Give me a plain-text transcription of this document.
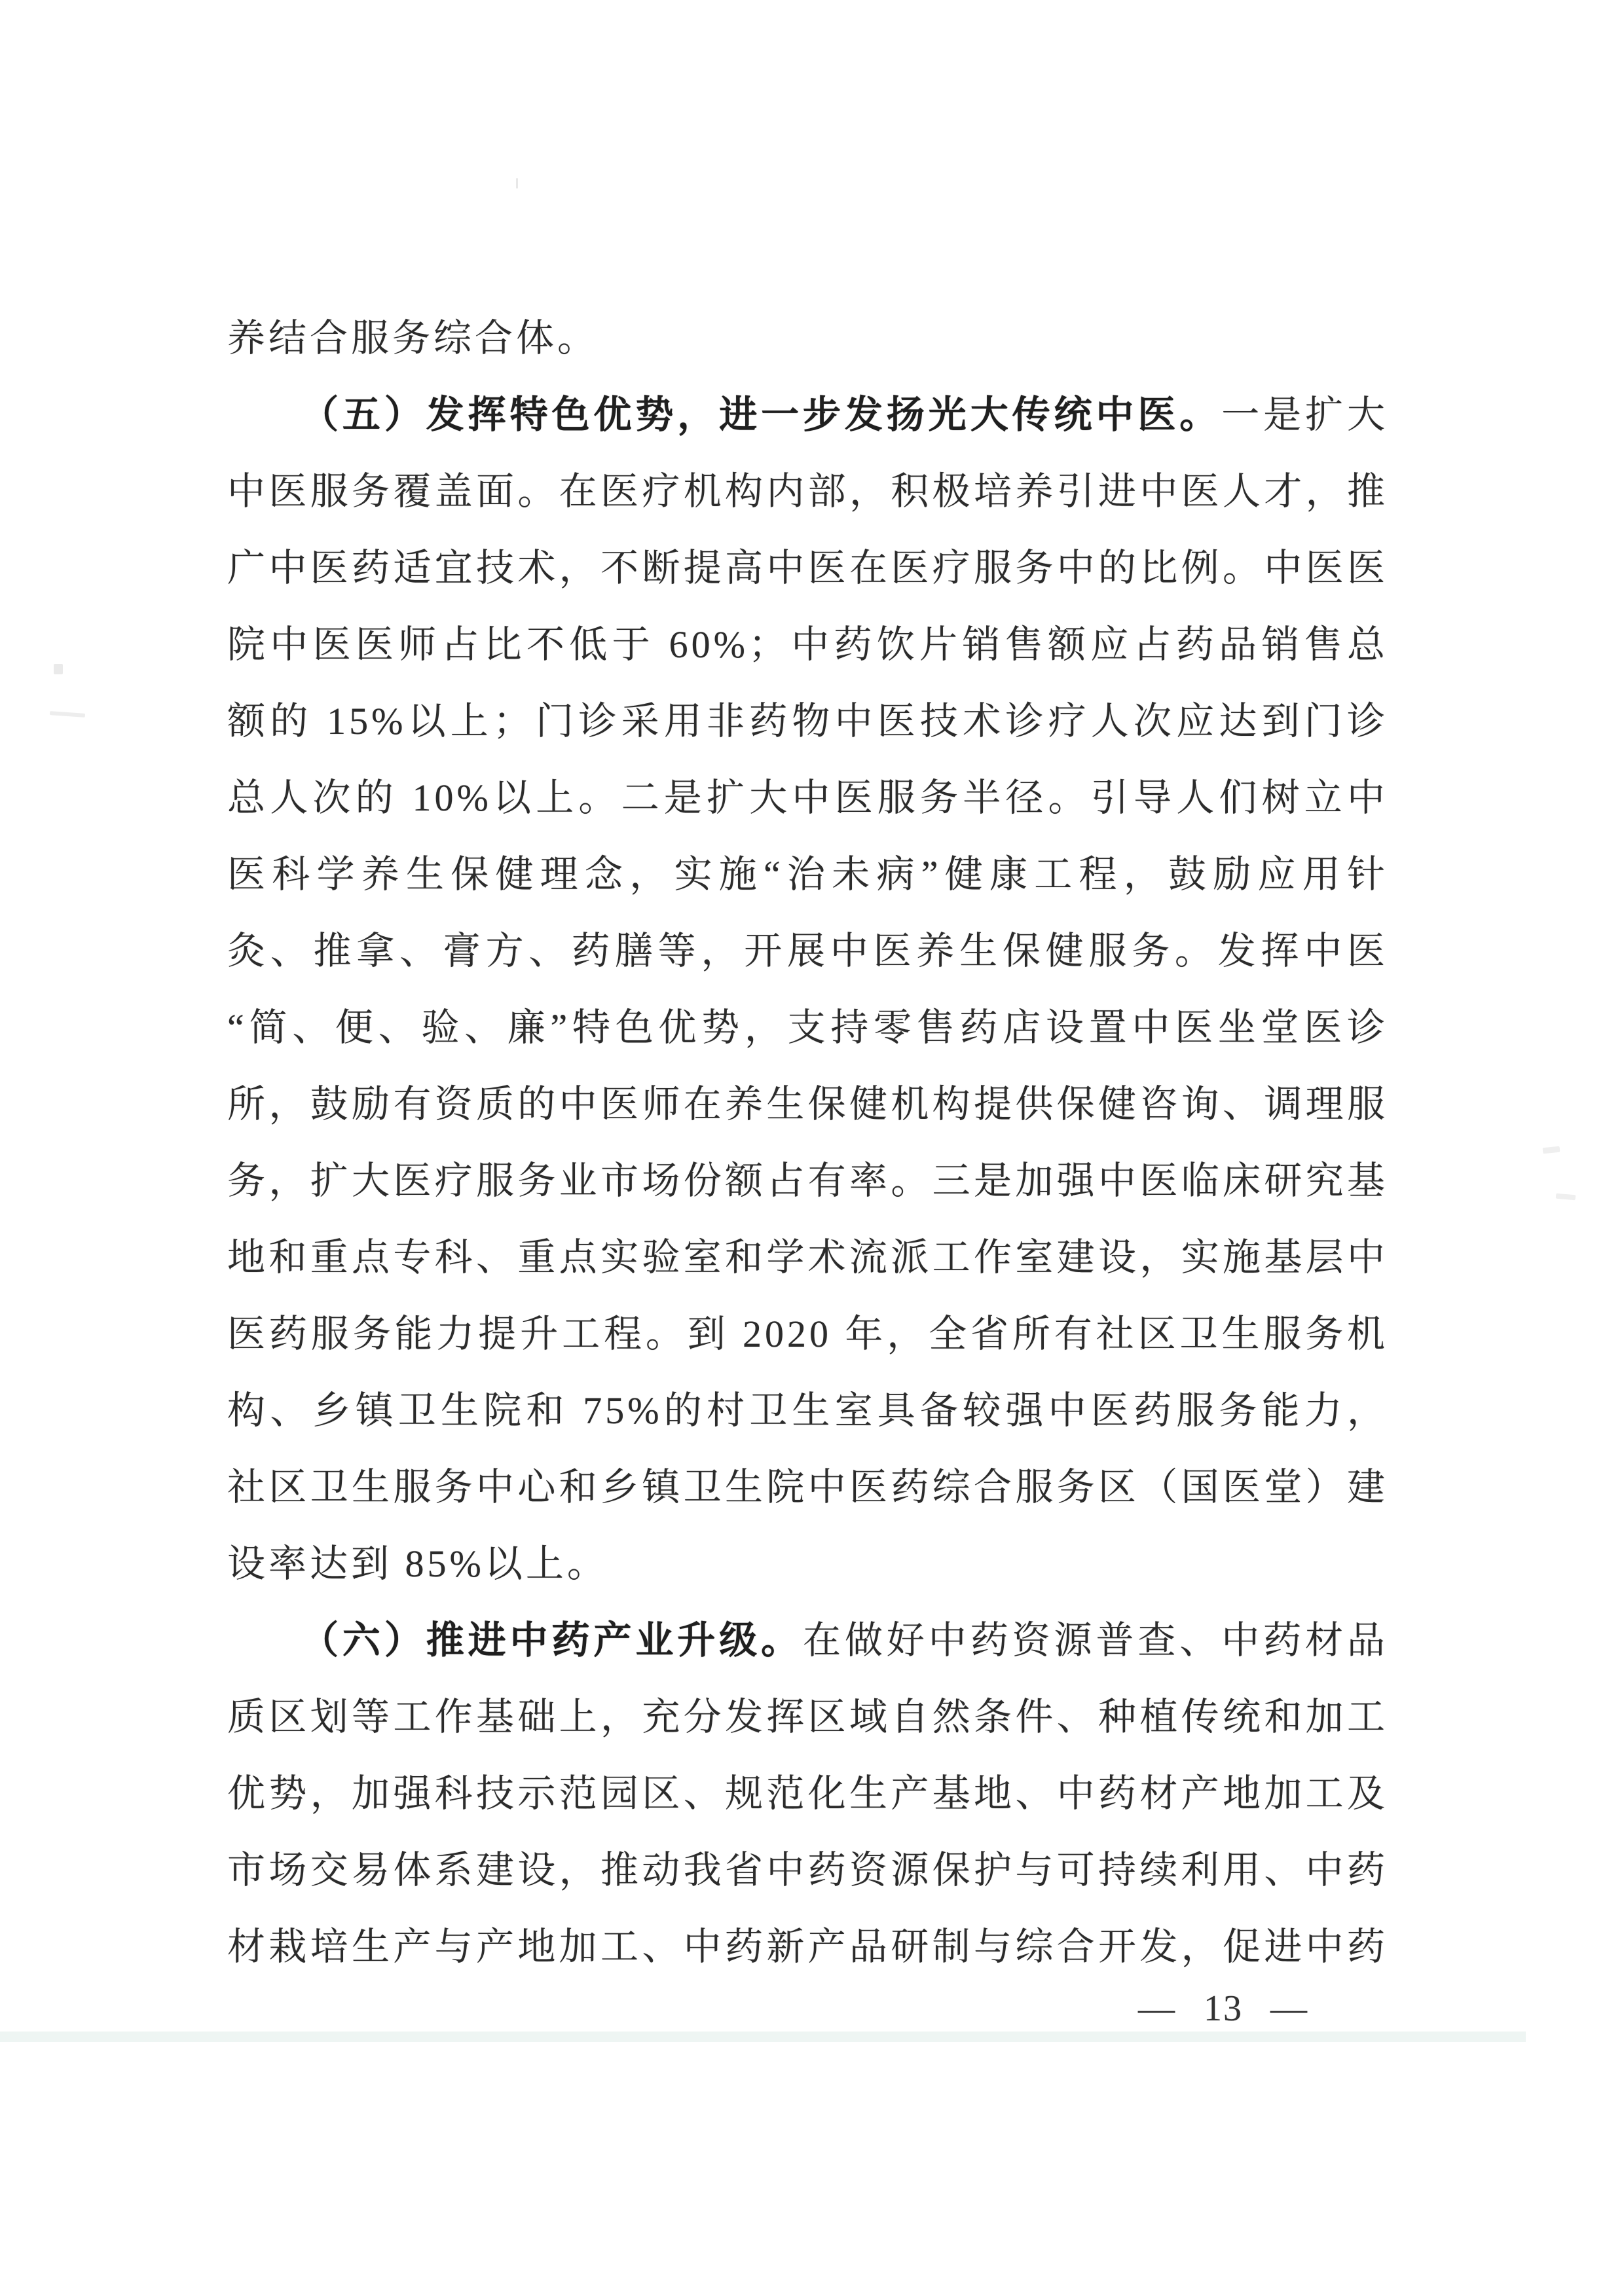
养结合服务综合体。
（五）发挥特色优势，进一步发扬光大传统中医。一是扩大
中医服务覆盖面。在医疗机构内部，积极培养引进中医人才，推
广中医药适宜技术，不断提高中医在医疗服务中的比例。中医医
院中医医师占比不低于 60%；中药饮片销售额应占药品销售总
额的 15%以上；门诊采用非药物中医技术诊疗人次应达到门诊
总人次的 10%以上。二是扩大中医服务半径。引导人们树立中
医科学养生保健理念，实施“治未病”健康工程，鼓励应用针
灸、推拿、膏方、药膳等，开展中医养生保健服务。发挥中医
“简、便、验、廉”特色优势，支持零售药店设置中医坐堂医诊
所，鼓励有资质的中医师在养生保健机构提供保健咨询、调理服
务，扩大医疗服务业市场份额占有率。三是加强中医临床研究基
地和重点专科、重点实验室和学术流派工作室建设，实施基层中
医药服务能力提升工程。到 2020 年，全省所有社区卫生服务机
构、乡镇卫生院和 75%的村卫生室具备较强中医药服务能力，
社区卫生服务中心和乡镇卫生院中医药综合服务区（国医堂）建
设率达到 85%以上。
（六）推进中药产业升级。在做好中药资源普查、中药材品
质区划等工作基础上，充分发挥区域自然条件、种植传统和加工
优势，加强科技示范园区、规范化生产基地、中药材产地加工及
市场交易体系建设，推动我省中药资源保护与可持续利用、中药
材栽培生产与产地加工、中药新产品研制与综合开发，促进中药
— 13 —
